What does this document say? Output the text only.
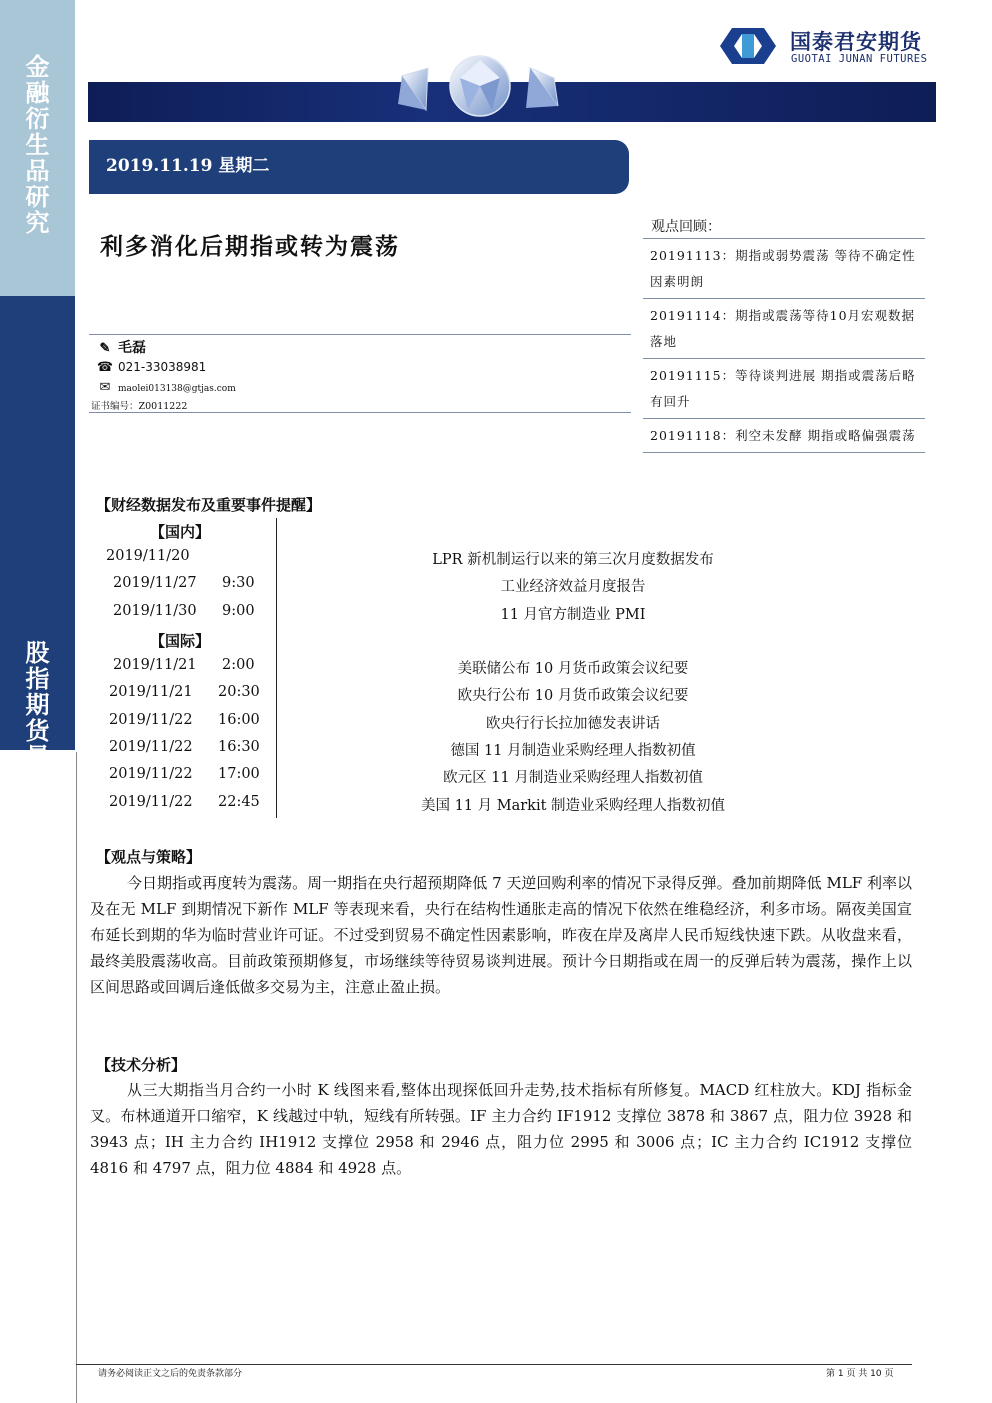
金
融
衍
生
品
研
究
股
指
期
货
晨
报
国泰君安期货
GUOTAI JUNAN FUTURES
2019.11.19 星期二
利多消化后期指或转为震荡
✎ 毛磊
☎ 021-33038981
✉ maolei013138@gtjas.com
证书编号：Z0011222
观点回顾：
20191113：期指或弱势震荡 等待不确定性因素明朗
20191114：期指或震荡等待10月宏观数据落地
20191115：等待谈判进展 期指或震荡后略有回升
20191118：利空未发酵 期指或略偏强震荡
【财经数据发布及重要事件提醒】
【国内】
【国际】
2019/11/20	LPR 新机制运行以来的第三次月度数据发布
2019/11/27 9:30	工业经济效益月度报告
2019/11/30 9:00	11 月官方制造业 PMI
2019/11/21 2:00	美联储公布 10 月货币政策会议纪要
2019/11/21 20:30	欧央行公布 10 月货币政策会议纪要
2019/11/22 16:00	欧央行行长拉加德发表讲话
2019/11/22 16:30	德国 11 月制造业采购经理人指数初值
2019/11/22 17:00	欧元区 11 月制造业采购经理人指数初值
2019/11/22 22:45	美国 11 月 Markit 制造业采购经理人指数初值
【观点与策略】
今日期指或再度转为震荡。周一期指在央行超预期降低 7 天逆回购利率的情况下录得反弹。叠加前期降低 MLF 利率以及在无 MLF 到期情况下新作 MLF 等表现来看，央行在结构性通胀走高的情况下依然在维稳经济，利多市场。隔夜美国宣布延长到期的华为临时营业许可证。不过受到贸易不确定性因素影响，昨夜在岸及离岸人民币短线快速下跌。从收盘来看，最终美股震荡收高。目前政策预期修复，市场继续等待贸易谈判进展。预计今日期指或在周一的反弹后转为震荡，操作上以区间思路或回调后逢低做多交易为主，注意止盈止损。
【技术分析】
从三大期指当月合约一小时 K 线图来看,整体出现探低回升走势,技术指标有所修复。MACD 红柱放大。KDJ 指标金叉。布林通道开口缩窄，K 线越过中轨，短线有所转强。IF 主力合约 IF1912 支撑位 3878 和 3867 点，阻力位 3928 和 3943 点；IH 主力合约 IH1912 支撑位 2958 和 2946 点，阻力位 2995 和 3006 点；IC 主力合约 IC1912 支撑位 4816 和 4797 点，阻力位 4884 和 4928 点。
请务必阅读正文之后的免责条款部分	第 1 页 共 10 页
